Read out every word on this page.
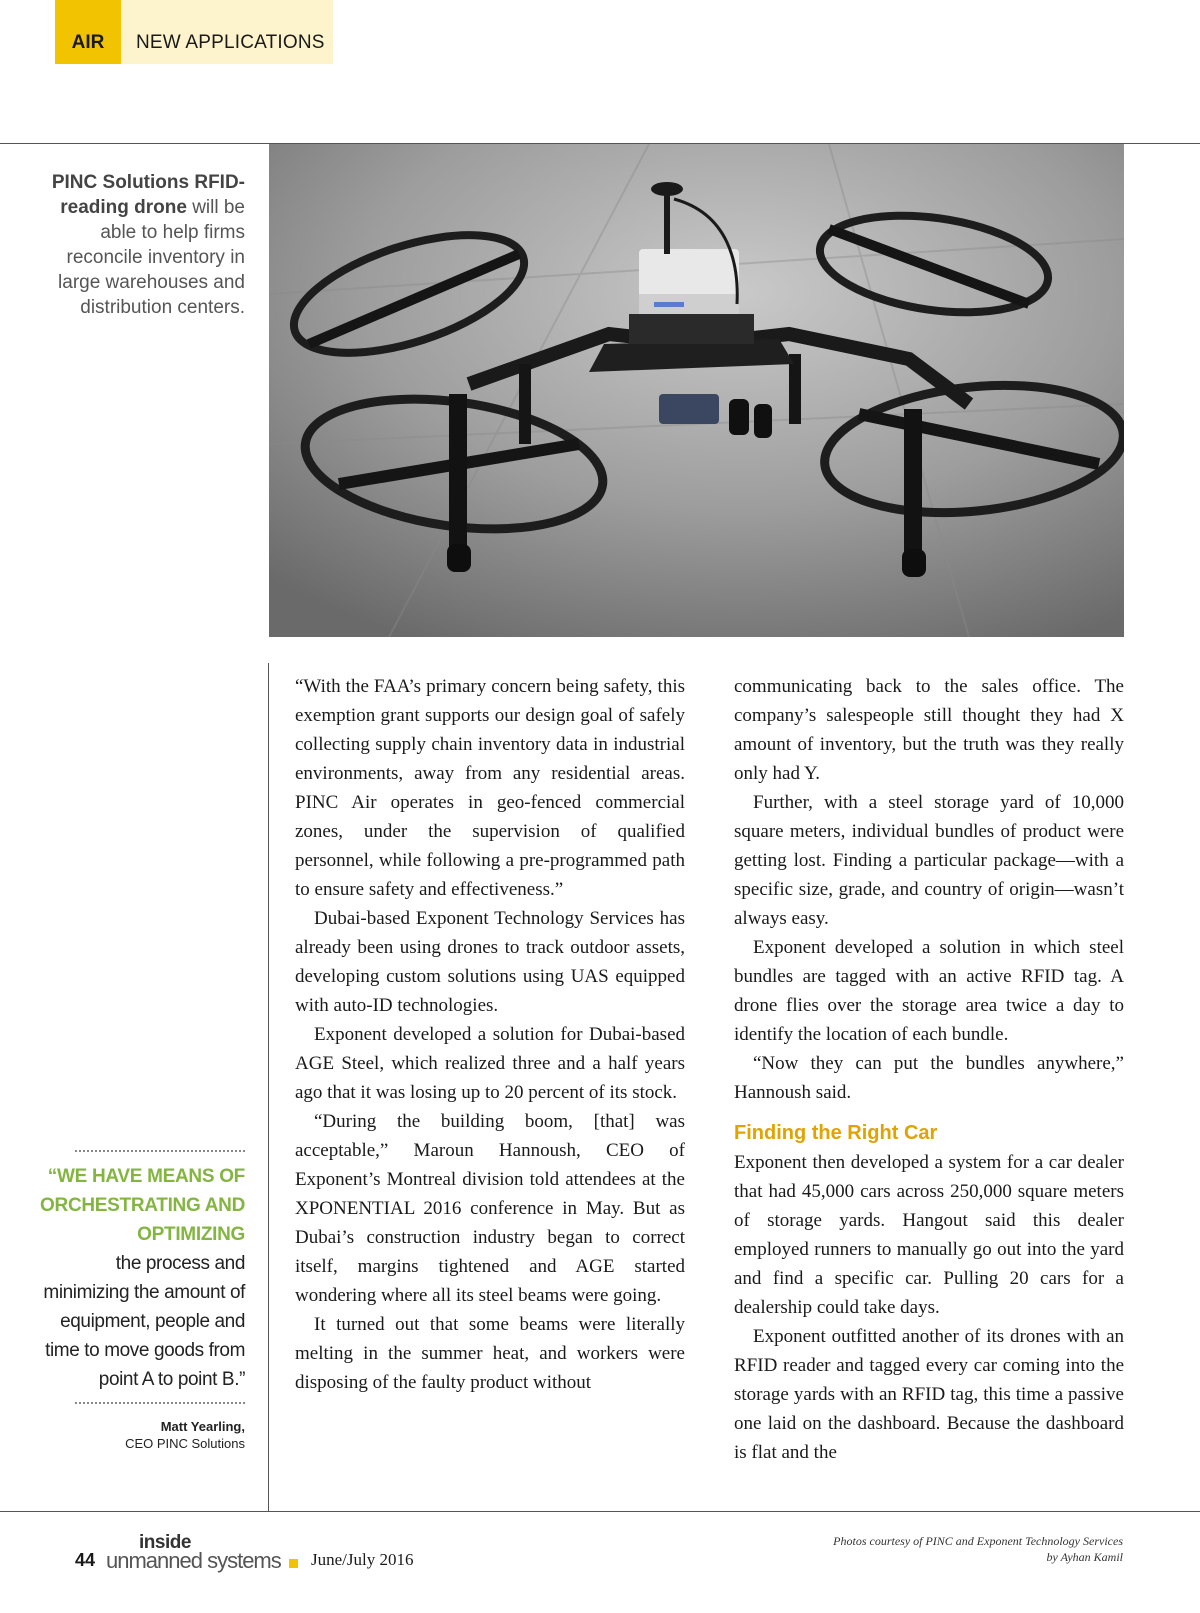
AIR	NEW APPLICATIONS
PINC Solutions RFID-reading drone will be able to help firms reconcile inventory in large warehouses and distribution centers.
“WE HAVE MEANS OF ORCHESTRATING AND OPTIMIZING
the process and minimizing the amount of equipment, people and time to move goods from point A to point B.”
Matt Yearling,
CEO PINC Solutions

“With the FAA’s primary concern being safety, this exemption grant supports our design goal of safely collecting supply chain inventory data in industrial environments, away from any residential areas. PINC Air operates in geo-fenced commercial zones, under the supervision of qualified personnel, while following a pre-programmed path to ensure safety and effectiveness.”

Dubai-based Exponent Technology Services has already been using drones to track outdoor assets, developing custom solutions using UAS equipped with auto-ID technologies.

Exponent developed a solution for Dubai-based AGE Steel, which realized three and a half years ago that it was losing up to 20 percent of its stock.

“During the building boom, [that] was acceptable,” Maroun Hannoush, CEO of Exponent’s Montreal division told attendees at the XPONENTIAL 2016 conference in May. But as Dubai’s construction industry began to correct itself, margins tightened and AGE started wondering where all its steel beams were going.

It turned out that some beams were literally melting in the summer heat, and workers were disposing of the faulty product without

communicating back to the sales office. The company’s salespeople still thought they had X amount of inventory, but the truth was they really only had Y.

Further, with a steel storage yard of 10,000 square meters, individual bundles of product were getting lost. Finding a particular package—with a specific size, grade, and country of origin—wasn’t always easy.

Exponent developed a solution in which steel bundles are tagged with an active RFID tag. A drone flies over the storage area twice a day to identify the location of each bundle.

“Now they can put the bundles anywhere,” Hannoush said.

Finding the Right Car

Exponent then developed a system for a car dealer that had 45,000 cars across 250,000 square meters of storage yards. Hangout said this dealer employed runners to manually go out into the yard and find a specific car. Pulling 20 cars for a dealership could take days.

Exponent outfitted another of its drones with an RFID reader and tagged every car coming into the storage yards with an RFID tag, this time a passive one laid on the dashboard. Because the dashboard is flat and the

44
inside
unmanned systems June/July 2016
Photos courtesy of PINC and Exponent Technology Services
by Ayhan Kamil
